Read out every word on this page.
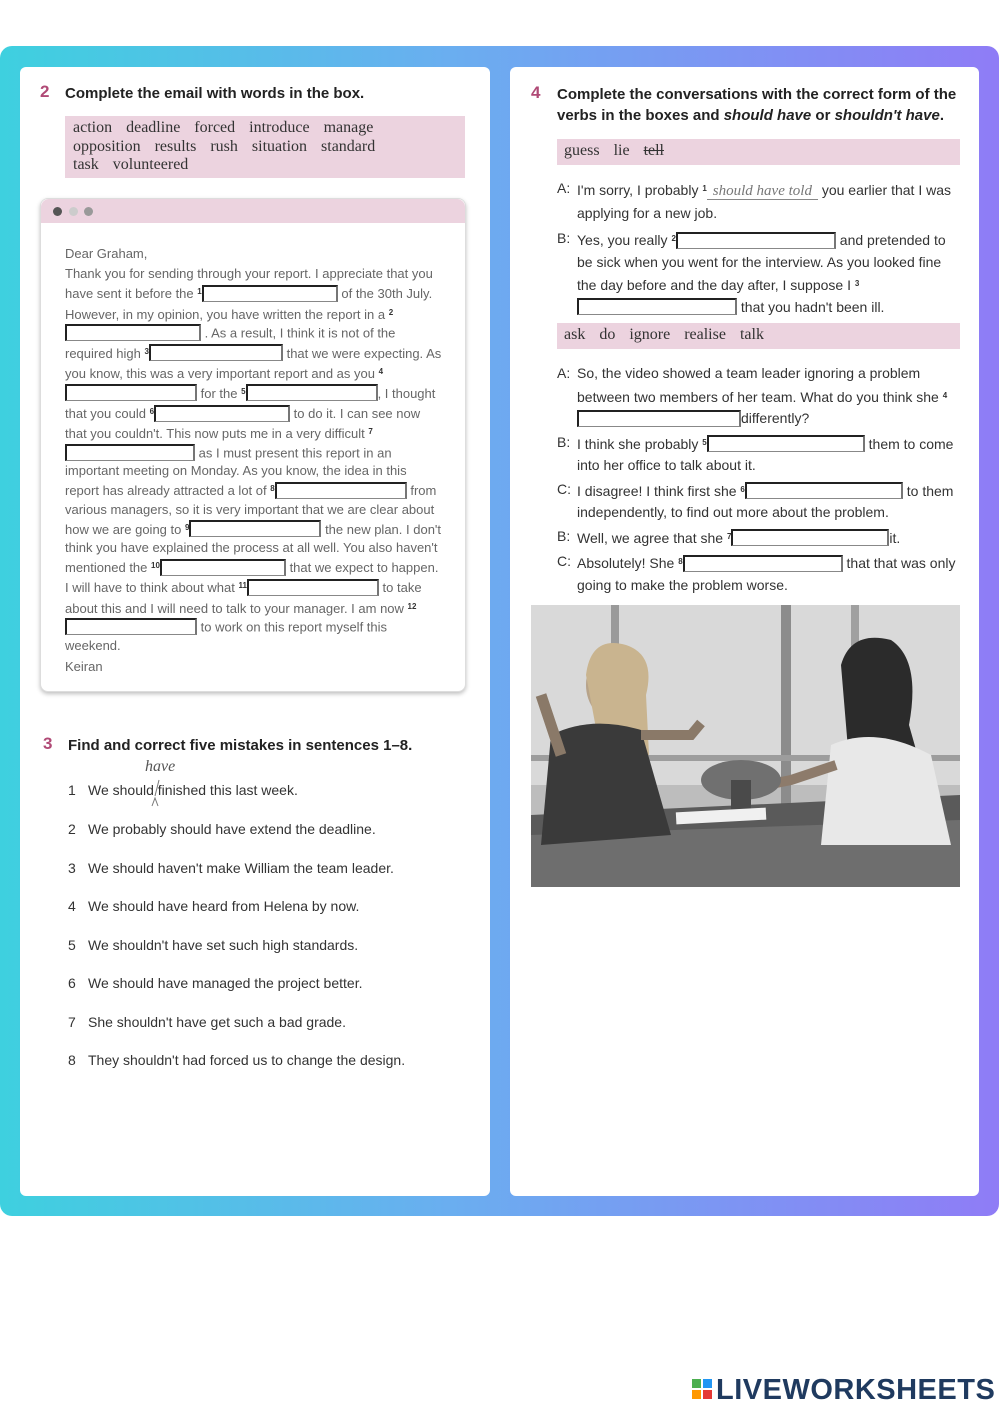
2 Complete the email with words in the box.
action deadline forced introduce manage
opposition results rush situation standard
task volunteered

Dear Graham,

Thank you for sending through your report. I appreciate that you have sent it before the $^1$	of the 30th July. However, in my opinion, you have written the report in a $^2$ . As a result, I think it is not of the required high $^3$	that we were expecting. As you know, this was a very important report and as you $^4$ for the $^5$	, I thought that you could $^6$	to do it. I can see now that you couldn't. This now puts me in a very difficult $^7$ as I must present this report in an important meeting on Monday. As you know, the idea in this report has already attracted a lot of $^8$	from various managers, so it is very important that we are clear about how we are going to $^9$	the new plan. I don't think you have explained the process at all well. You also haven't mentioned the $^{10}$	that we expect to happen. I will have to think about what $^{11}$	to take about this and I will need to talk to your manager. I am now $^{12}$ to work on this report myself this weekend.

Keiran

3 Find and correct five mistakes in sentences 1–8.
have
1 We should finished this last week.
2 We probably should have extend the deadline.
3 We should haven't make William the team leader.
4 We should have heard from Helena by now.
5 We shouldn't have set such high standards.
6 We should have managed the project better.
7 She shouldn't have get such a bad grade.
8 They shouldn't had forced us to change the design.
4 Complete the conversations with the correct form of the verbs in the boxes and should have or shouldn't have.
guess lie tell
A: I'm sorry, I probably $^1$ should have told you earlier that I was applying for a new job.
B: Yes, you really $^2$	and pretended to be sick when you went for the interview. As you looked fine the day before and the day after, I suppose I $^3$ that you hadn't been ill.
ask do ignore realise talk
A: So, the video showed a team leader ignoring a problem between two members of her team. What do you think she $^4$differently?
B: I think she probably $^5$	them to come into her office to talk about it.
C: I disagree! I think first she $^6$	to them independently, to find out more about the problem.
B: Well, we agree that she $^7$	it.
C: Absolutely! She $^8$	that that was only going to make the problem worse.
LIVEWORKSHEETS
